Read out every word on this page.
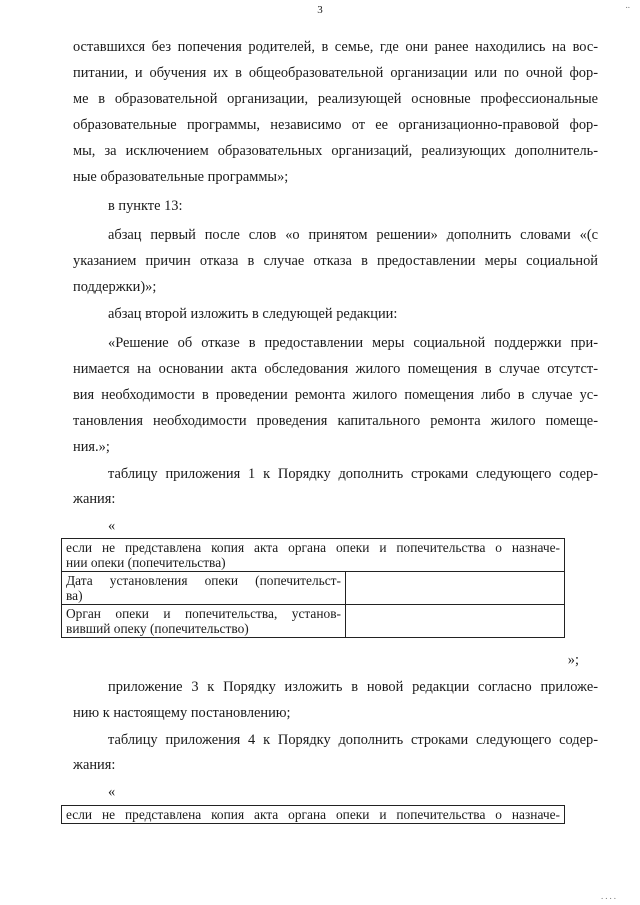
3	..
оставшихся без попечения родителей, в семье, где они ранее находились на вос-
питании, и обучения их в общеобразовательной организации или по очной фор-
ме в образовательной организации, реализующей основные профессиональные
образовательные программы, независимо от ее организационно-правовой фор-
мы, за исключением образовательных организаций, реализующих дополнитель-
ные образовательные программы»;
в пункте 13:
абзац первый после слов «о принятом решении» дополнить словами «(с
указанием причин отказа в случае отказа в предоставлении меры социальной
поддержки)»;
абзац второй изложить в следующей редакции:
«Решение об отказе в предоставлении меры социальной поддержки при-
нимается на основании акта обследования жилого помещения в случае отсутст-
вия необходимости в проведении ремонта жилого помещения либо в случае ус-
тановления необходимости проведения капитального ремонта жилого помеще-
ния.»;
таблицу приложения 1 к Порядку дополнить строками следующего содер-
жания:
«
если не представлена копия акта органа опеки и попечительства о назначе-
нии опеки (попечительства)	

Дата установления опеки (попечительст-
ва)	

Орган опеки и попечительства, установ-
вивший опеку (попечительство)	
»;
приложение 3 к Порядку изложить в новой редакции согласно приложе-
нию к настоящему постановлению;
таблицу приложения 4 к Порядку дополнить строками следующего содер-
жания:
«
если не представлена копия акта органа опеки и попечительства о назначе-
....
